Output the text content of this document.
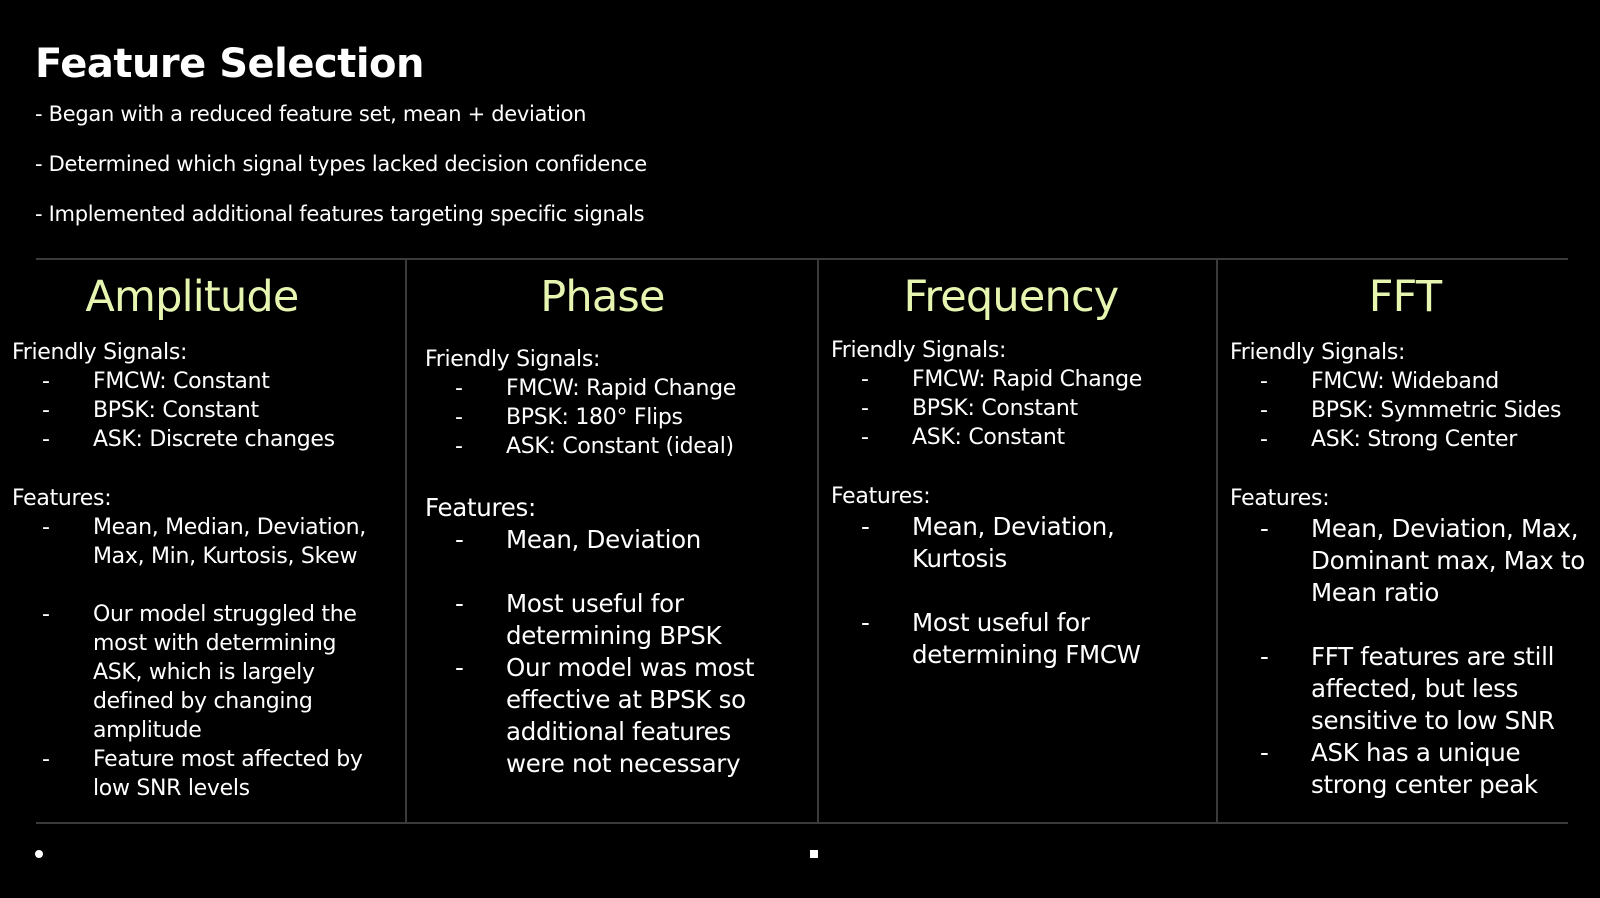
Feature Selection
- Began with a reduced feature set, mean + deviation
- Determined which signal types lacked decision confidence
- Implemented additional features targeting specific signals
Amplitude
Friendly Signals:
- FMCW: Constant
- BPSK: Constant
- ASK: Discrete changes
Features:
- Mean, Median, Deviation, Max, Min, Kurtosis, Skew
- Our model struggled the most with determining ASK, which is largely defined by changing amplitude
- Feature most affected by low SNR levels
Phase
Friendly Signals:
- FMCW: Rapid Change
- BPSK: 180° Flips
- ASK: Constant (ideal)
Features:
- Mean, Deviation
- Most useful for determining BPSK
- Our model was most effective at BPSK so additional features were not necessary
Frequency
Friendly Signals:
- FMCW: Rapid Change
- BPSK: Constant
- ASK: Constant
Features:
- Mean, Deviation, Kurtosis
- Most useful for determining FMCW
FFT
Friendly Signals:
- FMCW: Wideband
- BPSK: Symmetric Sides
- ASK: Strong Center
Features:
- Mean, Deviation, Max, Dominant max, Max to Mean ratio
- FFT features are still affected, but less sensitive to low SNR
- ASK has a unique strong center peak
